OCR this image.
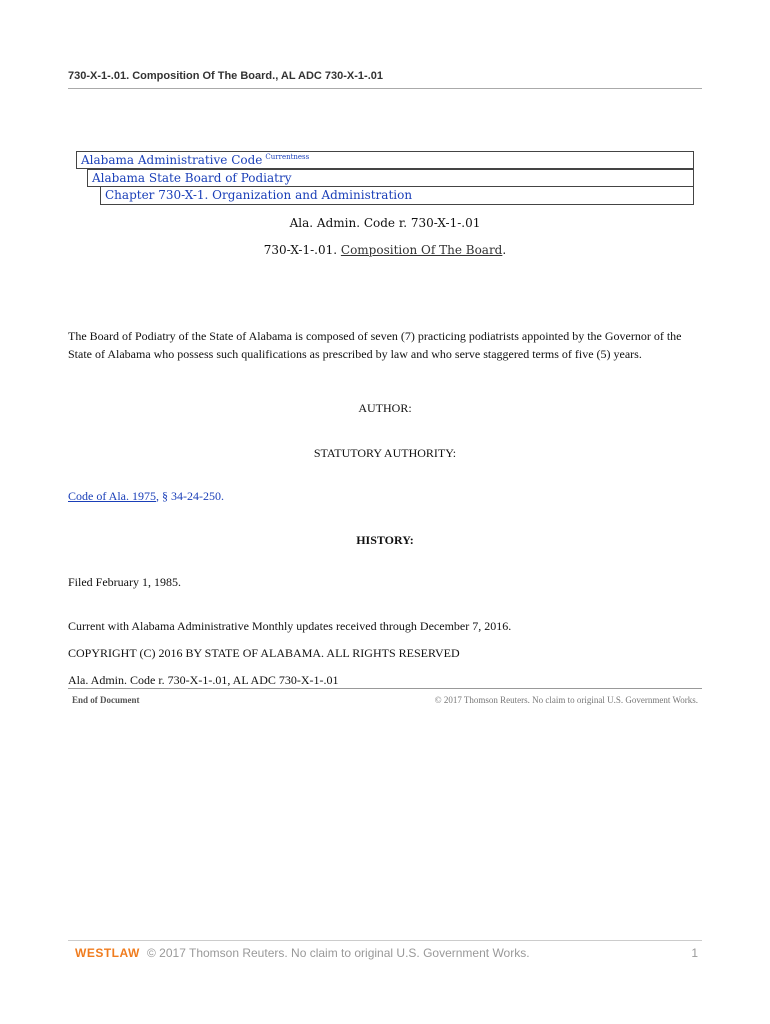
730-X-1-.01. Composition Of The Board., AL ADC 730-X-1-.01
Alabama Administrative Code $^{Currentness}$
Alabama State Board of Podiatry
Chapter 730-X-1. Organization and Administration
Ala. Admin. Code r. 730-X-1-.01
730-X-1-.01. Composition Of The Board.

The Board of Podiatry of the State of Alabama is composed of seven (7) practicing podiatrists appointed by the Governor of the State of Alabama who possess such qualifications as prescribed by law and who serve staggered terms of five (5) years.

AUTHOR:
STATUTORY AUTHORITY:
Code of Ala. 1975, § 34-24-250.
HISTORY:
Filed February 1, 1985.
Current with Alabama Administrative Monthly updates received through December 7, 2016.
COPYRIGHT (C) 2016 BY STATE OF ALABAMA. ALL RIGHTS RESERVED
Ala. Admin. Code r. 730-X-1-.01, AL ADC 730-X-1-.01
End of Document	© 2017 Thomson Reuters. No claim to original U.S. Government Works.
WESTLAW © 2017 Thomson Reuters. No claim to original U.S. Government Works.	1
